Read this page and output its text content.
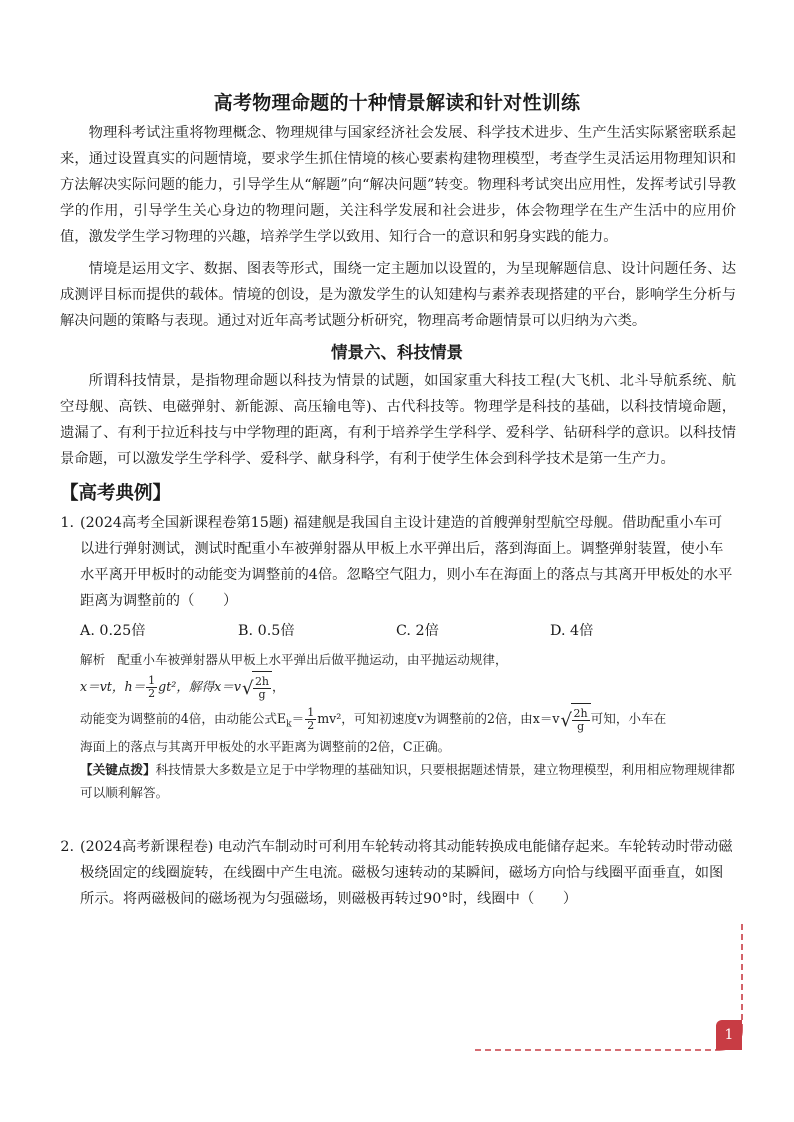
高考物理命题的十种情景解读和针对性训练

物理科考试注重将物理概念、物理规律与国家经济社会发展、科学技术进步、生产生活实际紧密联系起来，通过设置真实的问题情境，要求学生抓住情境的核心要素构建物理模型，考查学生灵活运用物理知识和方法解决实际问题的能力，引导学生从“解题”向“解决问题”转变。物理科考试突出应用性，发挥考试引导教学的作用，引导学生关心身边的物理问题，关注科学发展和社会进步，体会物理学在生产生活中的应用价值，激发学生学习物理的兴趣，培养学生学以致用、知行合一的意识和躬身实践的能力。

情境是运用文字、数据、图表等形式，围绕一定主题加以设置的，为呈现解题信息、设计问题任务、达成测评目标而提供的载体。情境的创设，是为激发学生的认知建构与素养表现搭建的平台，影响学生分析与解决问题的策略与表现。通过对近年高考试题分析研究，物理高考命题情景可以归纳为六类。

情景六、科技情景

所谓科技情景，是指物理命题以科技为情景的试题，如国家重大科技工程(大飞机、北斗导航系统、航空母舰、高铁、电磁弹射、新能源、高压输电等)、古代科技等。物理学是科技的基础，以科技情境命题，遗漏了、有利于拉近科技与中学物理的距离，有利于培养学生学科学、爱科学、钻研科学的意识。以科技情景命题，可以激发学生学科学、爱科学、献身科学，有利于使学生体会到科学技术是第一生产力。

【高考典例】
1. (2024高考全国新课程卷第15题) 福建舰是我国自主设计建造的首艘弹射型航空母舰。借助配重小车可以进行弹射测试，测试时配重小车被弹射器从甲板上水平弹出后，落到海面上。调整弹射装置，使小车水平离开甲板时的动能变为调整前的4倍。忽略空气阻力，则小车在海面上的落点与其离开甲板处的水平距离为调整前的（　　）
A. 0.25倍	B. 0.5倍	C. 2倍	D. 4倍
解析 配重小车被弹射器从甲板上水平弹出后做平抛运动，由平抛运动规律，
x＝vt，$h= \frac{1}{2} gt^2$，解得x＝v √ $\frac{2h}{g}$ ，
动能变为调整前的4倍，由动能公式$E_k= \frac{1}{2} mv^2$，可知初速度v为调整前的2倍，由x＝v √ $\frac{2h}{g}$ 可知，小车在
海面上的落点与其离开甲板处的水平距离为调整前的2倍，C正确。
【关键点拨】科技情景大多数是立足于中学物理的基础知识，只要根据题述情景，建立物理模型，利用相应物理规律都可以顺利解答。
2. (2024高考新课程卷) 电动汽车制动时可利用车轮转动将其动能转换成电能储存起来。车轮转动时带动磁极绕固定的线圈旋转，在线圈中产生电流。磁极匀速转动的某瞬间，磁场方向恰与线圈平面垂直，如图所示。将两磁极间的磁场视为匀强磁场，则磁极再转过90°时，线圈中（　　）
1
